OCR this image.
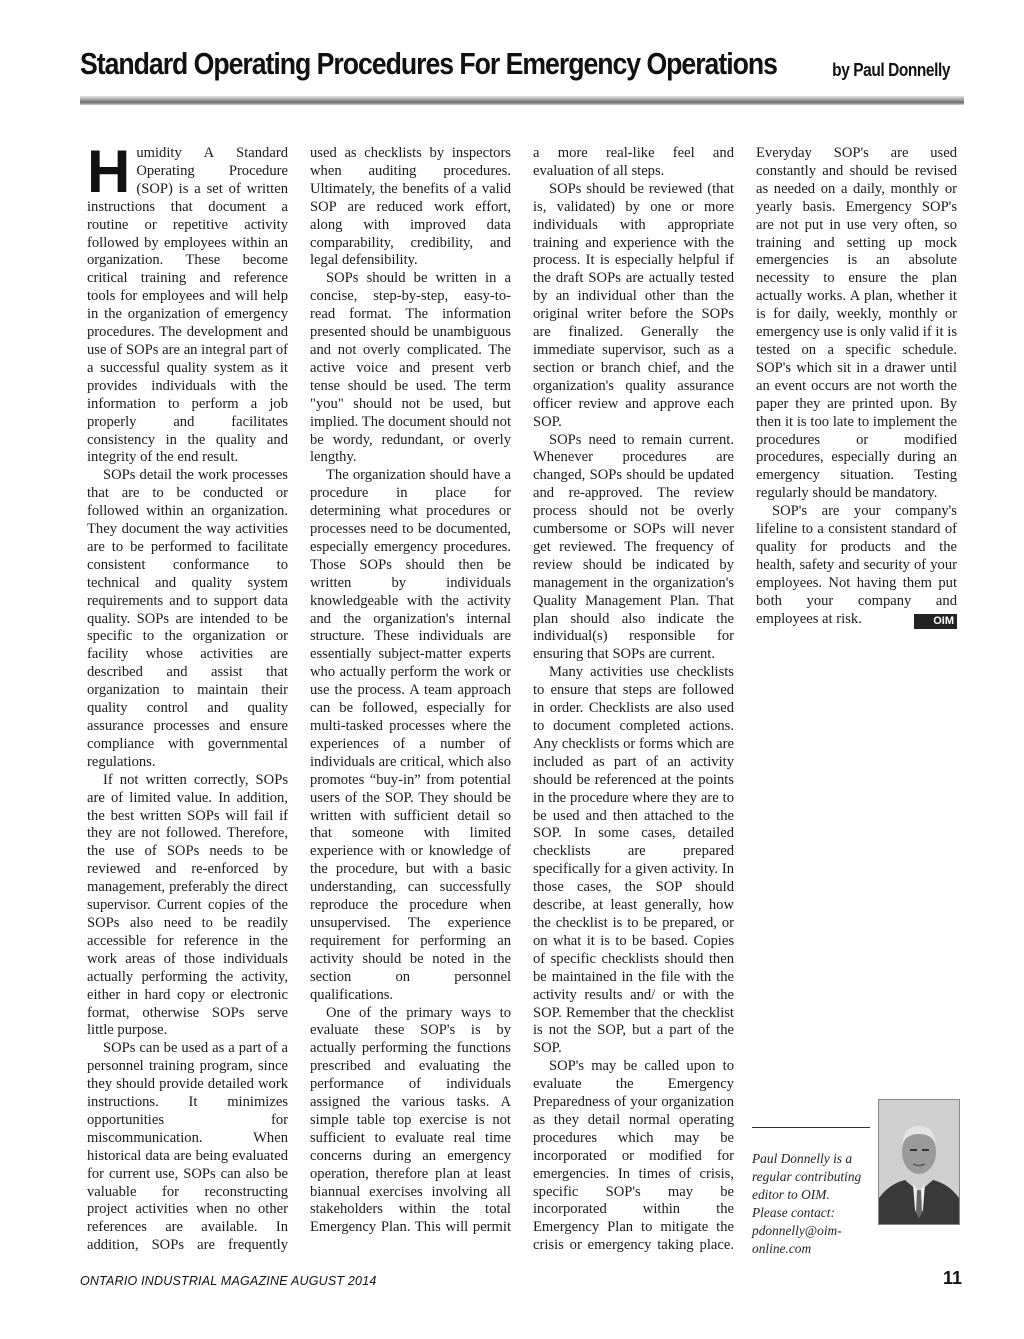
Standard Operating Procedures For Emergency Operations	by Paul Donnelly

Humidity A Standard Operating Procedure (SOP) is a set of written instructions that document a routine or repetitive activity followed by employees within an organization. These become critical training and reference tools for employees and will help in the organization of emergency procedures. The development and use of SOPs are an integral part of a successful quality system as it provides individuals with the information to perform a job properly and facilitates consistency in the quality and integrity of the end result.

SOPs detail the work processes that are to be conducted or followed within an organization. They document the way activities are to be performed to facilitate consistent conformance to technical and quality system requirements and to support data quality. SOPs are intended to be specific to the organization or facility whose activities are described and assist that organization to maintain their quality control and quality assurance processes and ensure compliance with governmental regulations.

If not written correctly, SOPs are of limited value. In addition, the best written SOPs will fail if they are not followed. Therefore, the use of SOPs needs to be reviewed and re-enforced by management, preferably the direct supervisor. Current copies of the SOPs also need to be readily accessible for reference in the work areas of those individuals actually performing the activity, either in hard copy or electronic format, otherwise SOPs serve little purpose.

SOPs can be used as a part of a personnel training program, since they should provide detailed work instructions. It minimizes opportunities for miscommunication. When historical data are being evaluated for current use, SOPs can also be valuable for reconstructing project activities when no other references are available. In addition, SOPs are frequently used as checklists by inspectors when auditing procedures. Ultimately, the benefits of a valid SOP are reduced work effort, along with improved data comparability, credibility, and legal defensibility.

SOPs should be written in a concise, step-by-step, easy-to-read format. The information presented should be unambiguous and not overly complicated. The active voice and present verb tense should be used. The term "you" should not be used, but implied. The document should not be wordy, redundant, or overly lengthy.

The organization should have a procedure in place for determining what procedures or processes need to be documented, especially emergency procedures. Those SOPs should then be written by individuals knowledgeable with the activity and the organization's internal structure. These individuals are essentially subject-matter experts who actually perform the work or use the process. A team approach can be followed, especially for multi-tasked processes where the experiences of a number of individuals are critical, which also promotes “buy-in” from potential users of the SOP. They should be written with sufficient detail so that someone with limited experience with or knowledge of the procedure, but with a basic understanding, can successfully reproduce the procedure when unsupervised. The experience requirement for performing an activity should be noted in the section on personnel qualifications.

One of the primary ways to evaluate these SOP's is by actually performing the functions prescribed and evaluating the performance of individuals assigned the various tasks. A simple table top exercise is not sufficient to evaluate real time concerns during an emergency operation, therefore plan at least biannual exercises involving all stakeholders within the total Emergency Plan. This will permit a more real-like feel and evaluation of all steps.

SOPs should be reviewed (that is, validated) by one or more individuals with appropriate training and experience with the process. It is especially helpful if the draft SOPs are actually tested by an individual other than the original writer before the SOPs are finalized. Generally the immediate supervisor, such as a section or branch chief, and the organization's quality assurance officer review and approve each SOP.

SOPs need to remain current. Whenever procedures are changed, SOPs should be updated and re-approved. The review process should not be overly cumbersome or SOPs will never get reviewed. The frequency of review should be indicated by management in the organization's Quality Management Plan. That plan should also indicate the individual(s) responsible for ensuring that SOPs are current.

Many activities use checklists to ensure that steps are followed in order. Checklists are also used to document completed actions. Any checklists or forms which are included as part of an activity should be referenced at the points in the procedure where they are to be used and then attached to the SOP. In some cases, detailed checklists are prepared specifically for a given activity. In those cases, the SOP should describe, at least generally, how the checklist is to be prepared, or on what it is to be based. Copies of specific checklists should then be maintained in the file with the activity results and/ or with the SOP. Remember that the checklist is not the SOP, but a part of the SOP.

SOP's may be called upon to evaluate the Emergency Preparedness of your organization as they detail normal operating procedures which may be incorporated or modified for emergencies. In times of crisis, specific SOP's may be incorporated within the Emergency Plan to mitigate the crisis or emergency taking place. Everyday SOP's are used constantly and should be revised as needed on a daily, monthly or yearly basis. Emergency SOP's are not put in use very often, so training and setting up mock emergencies is an absolute necessity to ensure the plan actually works. A plan, whether it is for daily, weekly, monthly or emergency use is only valid if it is tested on a specific schedule. SOP's which sit in a drawer until an event occurs are not worth the paper they are printed upon. By then it is too late to implement the procedures or modified procedures, especially during an emergency situation. Testing regularly should be mandatory.

SOP's are your company's lifeline to a consistent standard of quality for products and the health, safety and security of your employees. Not having them put both your company and employees at risk.	OIM

Paul Donnelly is a
regular contributing
editor to OIM.
Please contact:
pdonnelly@oim-online.com
ONTARIO INDUSTRIAL MAGAZINE AUGUST 2014	11
